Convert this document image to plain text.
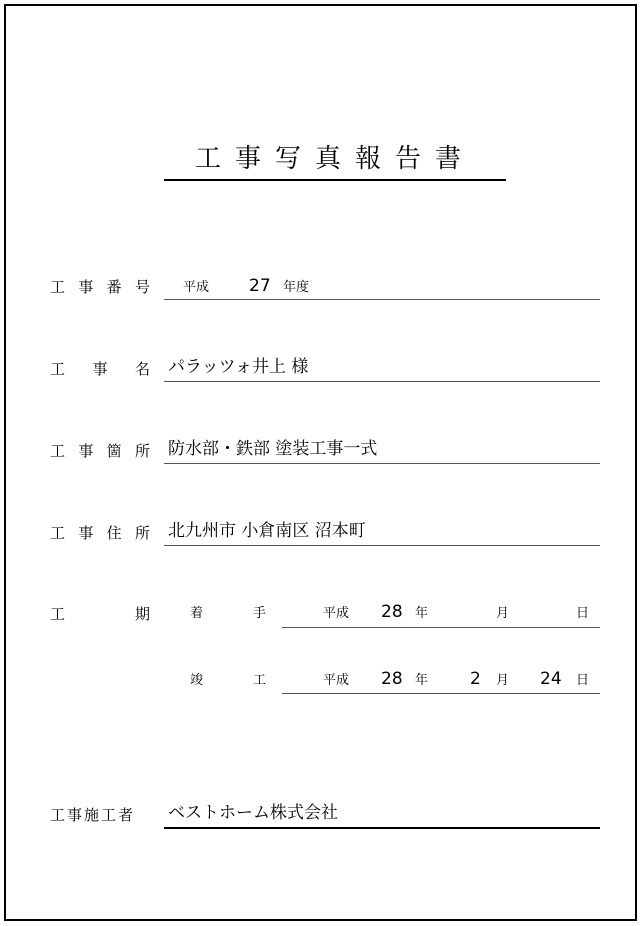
工事写真報告書
工 事 番 号	平成 27 年度
工 事 名 パラッツォ井上 様
工 事 箇 所 防水部・鉄部 塗装工事一式
工 事 住 所 北九州市 小倉南区 沼本町
工	期	着	手	平成 28 年	月	日
竣	工	平成 28 年 2 月 24 日
工事施工者	ベストホーム株式会社
